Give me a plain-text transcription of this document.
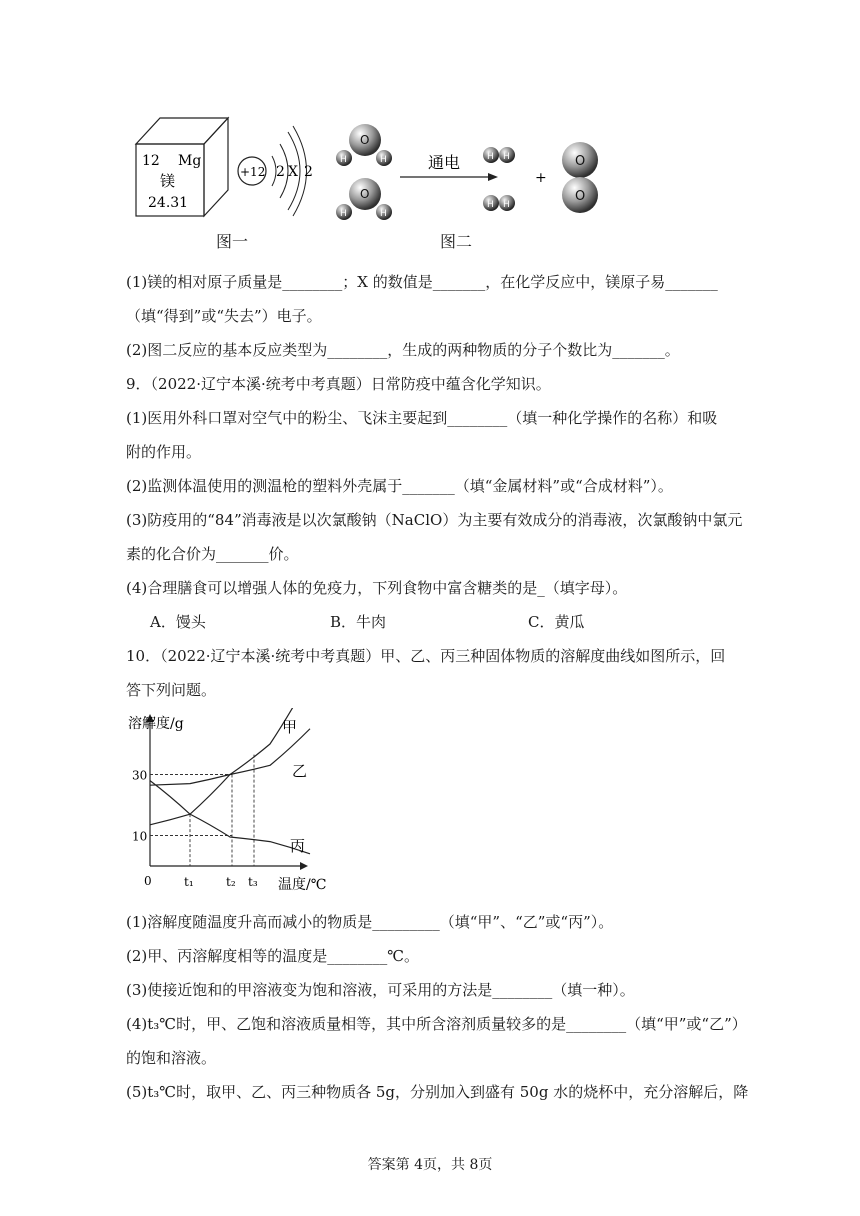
12 Mg
镁
24.31
+12 2 X 2
图一
O
H	H
O
H	H
通电	H H
H H
+
O
O
图二
(1)镁的相对原子质量是________；X 的数值是_______，在化学反应中，镁原子易_______
（填“得到”或“失去”）电子。
(2)图二反应的基本反应类型为________，生成的两种物质的分子个数比为_______。
9．（2022·辽宁本溪·统考中考真题）日常防疫中蕴含化学知识。
(1)医用外科口罩对空气中的粉尘、飞沫主要起到________（填一种化学操作的名称）和吸
附的作用。
(2)监测体温使用的测温枪的塑料外壳属于_______（填“金属材料”或“合成材料”）。
(3)防疫用的“84”消毒液是以次氯酸钠（NaClO）为主要有效成分的消毒液，次氯酸钠中氯元
素的化合价为_______价。
(4)合理膳食可以增强人体的免疫力，下列食物中富含糖类的是_（填字母）。
A．馒头	B．牛肉	C．黄瓜
10．（2022·辽宁本溪·统考中考真题）甲、乙、丙三种固体物质的溶解度曲线如图所示，回
答下列问题。
溶解度/g
温度/℃
0
10
30
t₁	t₂ t₃
甲
乙
丙
(1)溶解度随温度升高而减小的物质是_________（填“甲”、“乙”或“丙”）。
(2)甲、丙溶解度相等的温度是________℃。
(3)使接近饱和的甲溶液变为饱和溶液，可采用的方法是________（填一种）。
(4)t₃℃时，甲、乙饱和溶液质量相等，其中所含溶剂质量较多的是________（填“甲”或“乙”）
的饱和溶液。
(5)t₃℃时，取甲、乙、丙三种物质各 5g，分别加入到盛有 50g 水的烧杯中，充分溶解后，降
答案第 4页，共 8页
